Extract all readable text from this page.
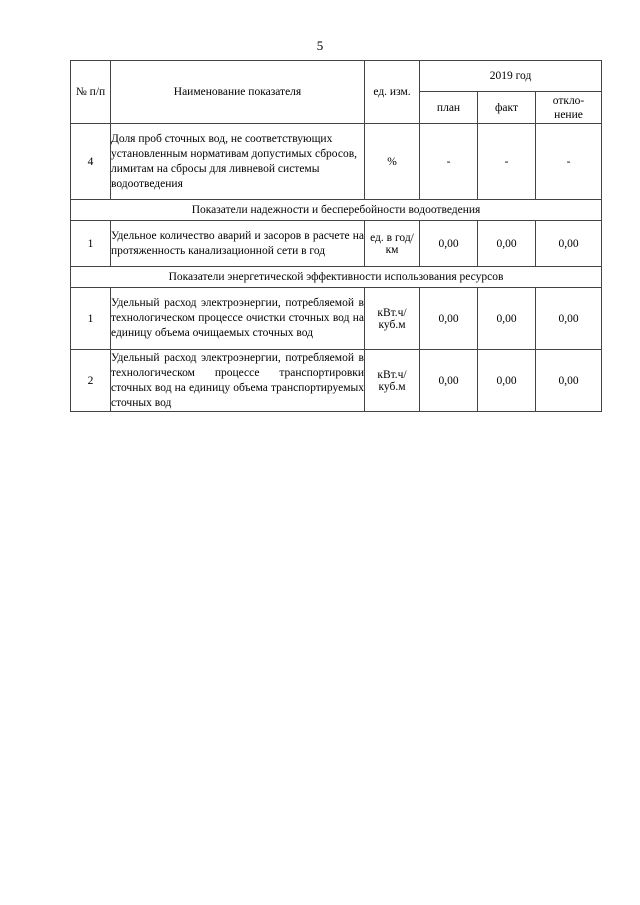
5
№ п/п	Наименование показателя	ед. изм.	2019 год		
			план	факт	откло-нение
4	Доля проб сточных вод, не соответствующих установленным нормативам допустимых сбросов, лимитам на сбросы для ливневой системы водоотведения	%	-	-	-
Показатели надежности и бесперебойности водоотведения					
1	Удельное количество аварий и засоров в расчете на протяженность канализационной сети в год	ед. в год/ км	0,00	0,00	0,00
Показатели энергетической эффективности использования ресурсов					
1	Удельный расход электроэнергии, потребляемой в технологическом процессе очистки сточных вод на единицу объема очищаемых сточных вод	кВт.ч/ куб.м	0,00	0,00	0,00
2	Удельный расход электроэнергии, потребляемой в технологическом процессе транспортировки сточных вод на единицу объема транспортируемых сточных вод	кВт.ч/ куб.м	0,00	0,00	0,00
